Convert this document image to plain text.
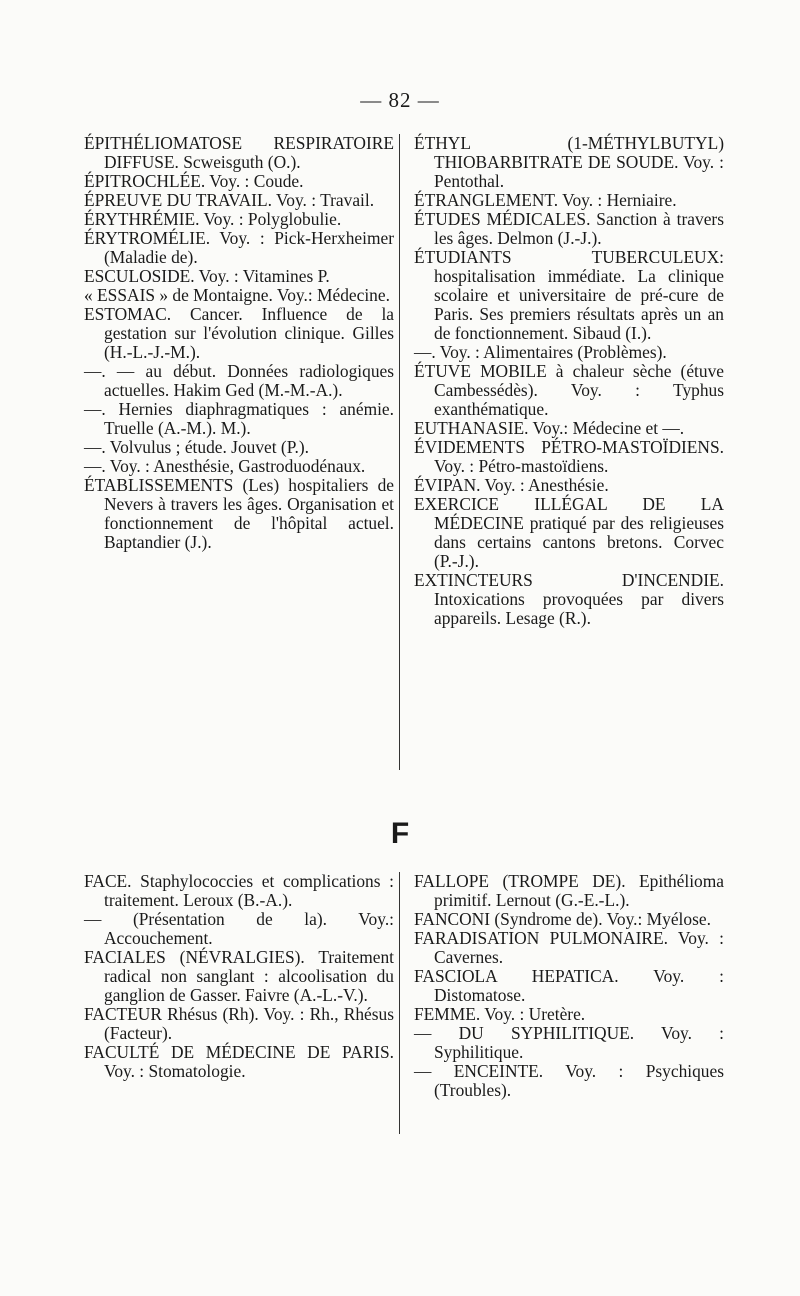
— 82 —

ÉPITHÉLIOMATOSE RESPIRATOIRE DIFFUSE. Scweisguth (O.).

ÉPITROCHLÉE. Voy. : Coude.

ÉPREUVE DU TRAVAIL. Voy. : Travail.

ÉRYTHRÉMIE. Voy. : Polyglobulie.

ÉRYTROMÉLIE. Voy. : Pick-Herxheimer (Maladie de).

ESCULOSIDE. Voy. : Vitamines P.

« ESSAIS » de Montaigne. Voy.: Médecine.

ESTOMAC. Cancer. Influence de la gestation sur l'évolution clinique. Gilles (H.-L.-J.-M.).

—. — au début. Données radiologiques actuelles. Hakim Ged (M.-M.-A.).

—. Hernies diaphragmatiques : anémie. Truelle (A.-M.). M.).

—. Volvulus ; étude. Jouvet (P.).

—. Voy. : Anesthésie, Gastroduodénaux.

ÉTABLISSEMENTS (Les) hospitaliers de Nevers à travers les âges. Organisation et fonctionnement de l'hôpital actuel. Baptandier (J.).

ÉTHYL (1-MÉTHYLBUTYL) THIOBARBITRATE DE SOUDE. Voy. : Pentothal.

ÉTRANGLEMENT. Voy. : Herniaire.

ÉTUDES MÉDICALES. Sanction à travers les âges. Delmon (J.-J.).

ÉTUDIANTS TUBERCULEUX: hospitalisation immédiate. La clinique scolaire et universitaire de pré-cure de Paris. Ses premiers résultats après un an de fonctionnement. Sibaud (I.).

—. Voy. : Alimentaires (Problèmes).

ÉTUVE MOBILE à chaleur sèche (étuve Cambessédès). Voy. : Typhus exanthématique.

EUTHANASIE. Voy.: Médecine et —.

ÉVIDEMENTS PÉTRO-MASTOÏDIENS. Voy. : Pétro-mastoïdiens.

ÉVIPAN. Voy. : Anesthésie.

EXERCICE ILLÉGAL DE LA MÉDECINE pratiqué par des religieuses dans certains cantons bretons. Corvec (P.-J.).

EXTINCTEURS D'INCENDIE. Intoxications provoquées par divers appareils. Lesage (R.).

F

FACE. Staphylococcies et complications : traitement. Leroux (B.-A.).

— (Présentation de la). Voy.: Accouchement.

FACIALES (NÉVRALGIES). Traitement radical non sanglant : alcoolisation du ganglion de Gasser. Faivre (A.-L.-V.).

FACTEUR Rhésus (Rh). Voy. : Rh., Rhésus (Facteur).

FACULTÉ DE MÉDECINE DE PARIS. Voy. : Stomatologie.

FALLOPE (TROMPE DE). Epithélioma primitif. Lernout (G.-E.-L.).

FANCONI (Syndrome de). Voy.: Myélose.

FARADISATION PULMONAIRE. Voy. : Cavernes.

FASCIOLA HEPATICA. Voy. : Distomatose.

FEMME. Voy. : Uretère.

— DU SYPHILITIQUE. Voy. : Syphilitique.

— ENCEINTE. Voy. : Psychiques (Troubles).
